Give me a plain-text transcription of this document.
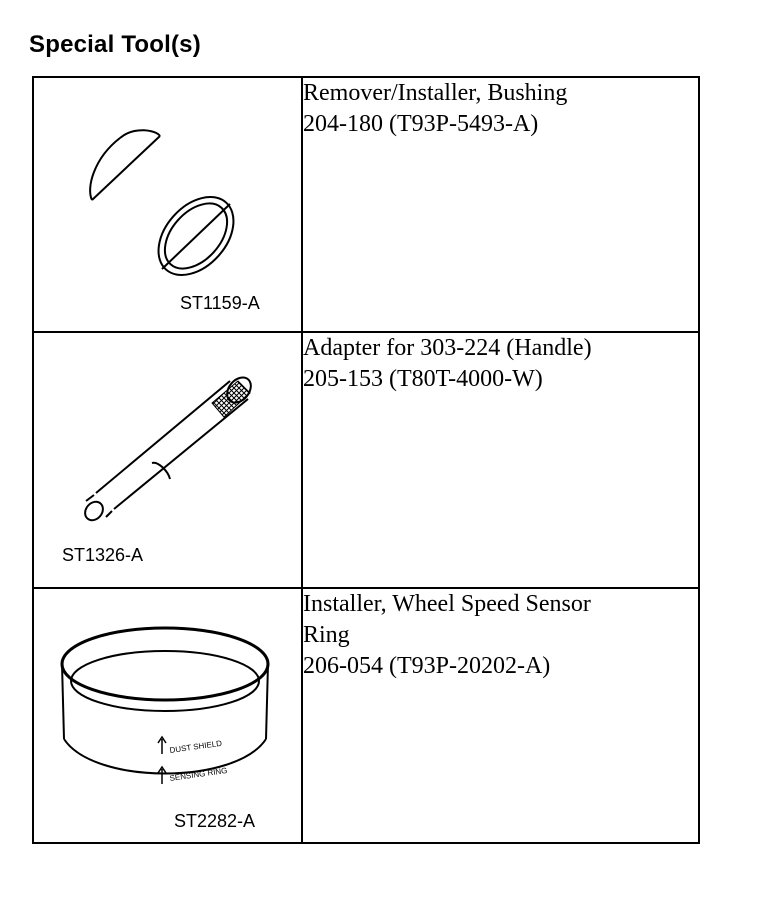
Special Tool(s)
ST1159-A	Remover/Installer, Bushing
204-180 (T93P-5493-A)

ST1326-A	Adapter for 303-224 (Handle)
205-153 (T80T-4000-W)

DUST SHIELD
SENSING RING
ST2282-A	Installer, Wheel Speed Sensor
Ring
206-054 (T93P-20202-A)
